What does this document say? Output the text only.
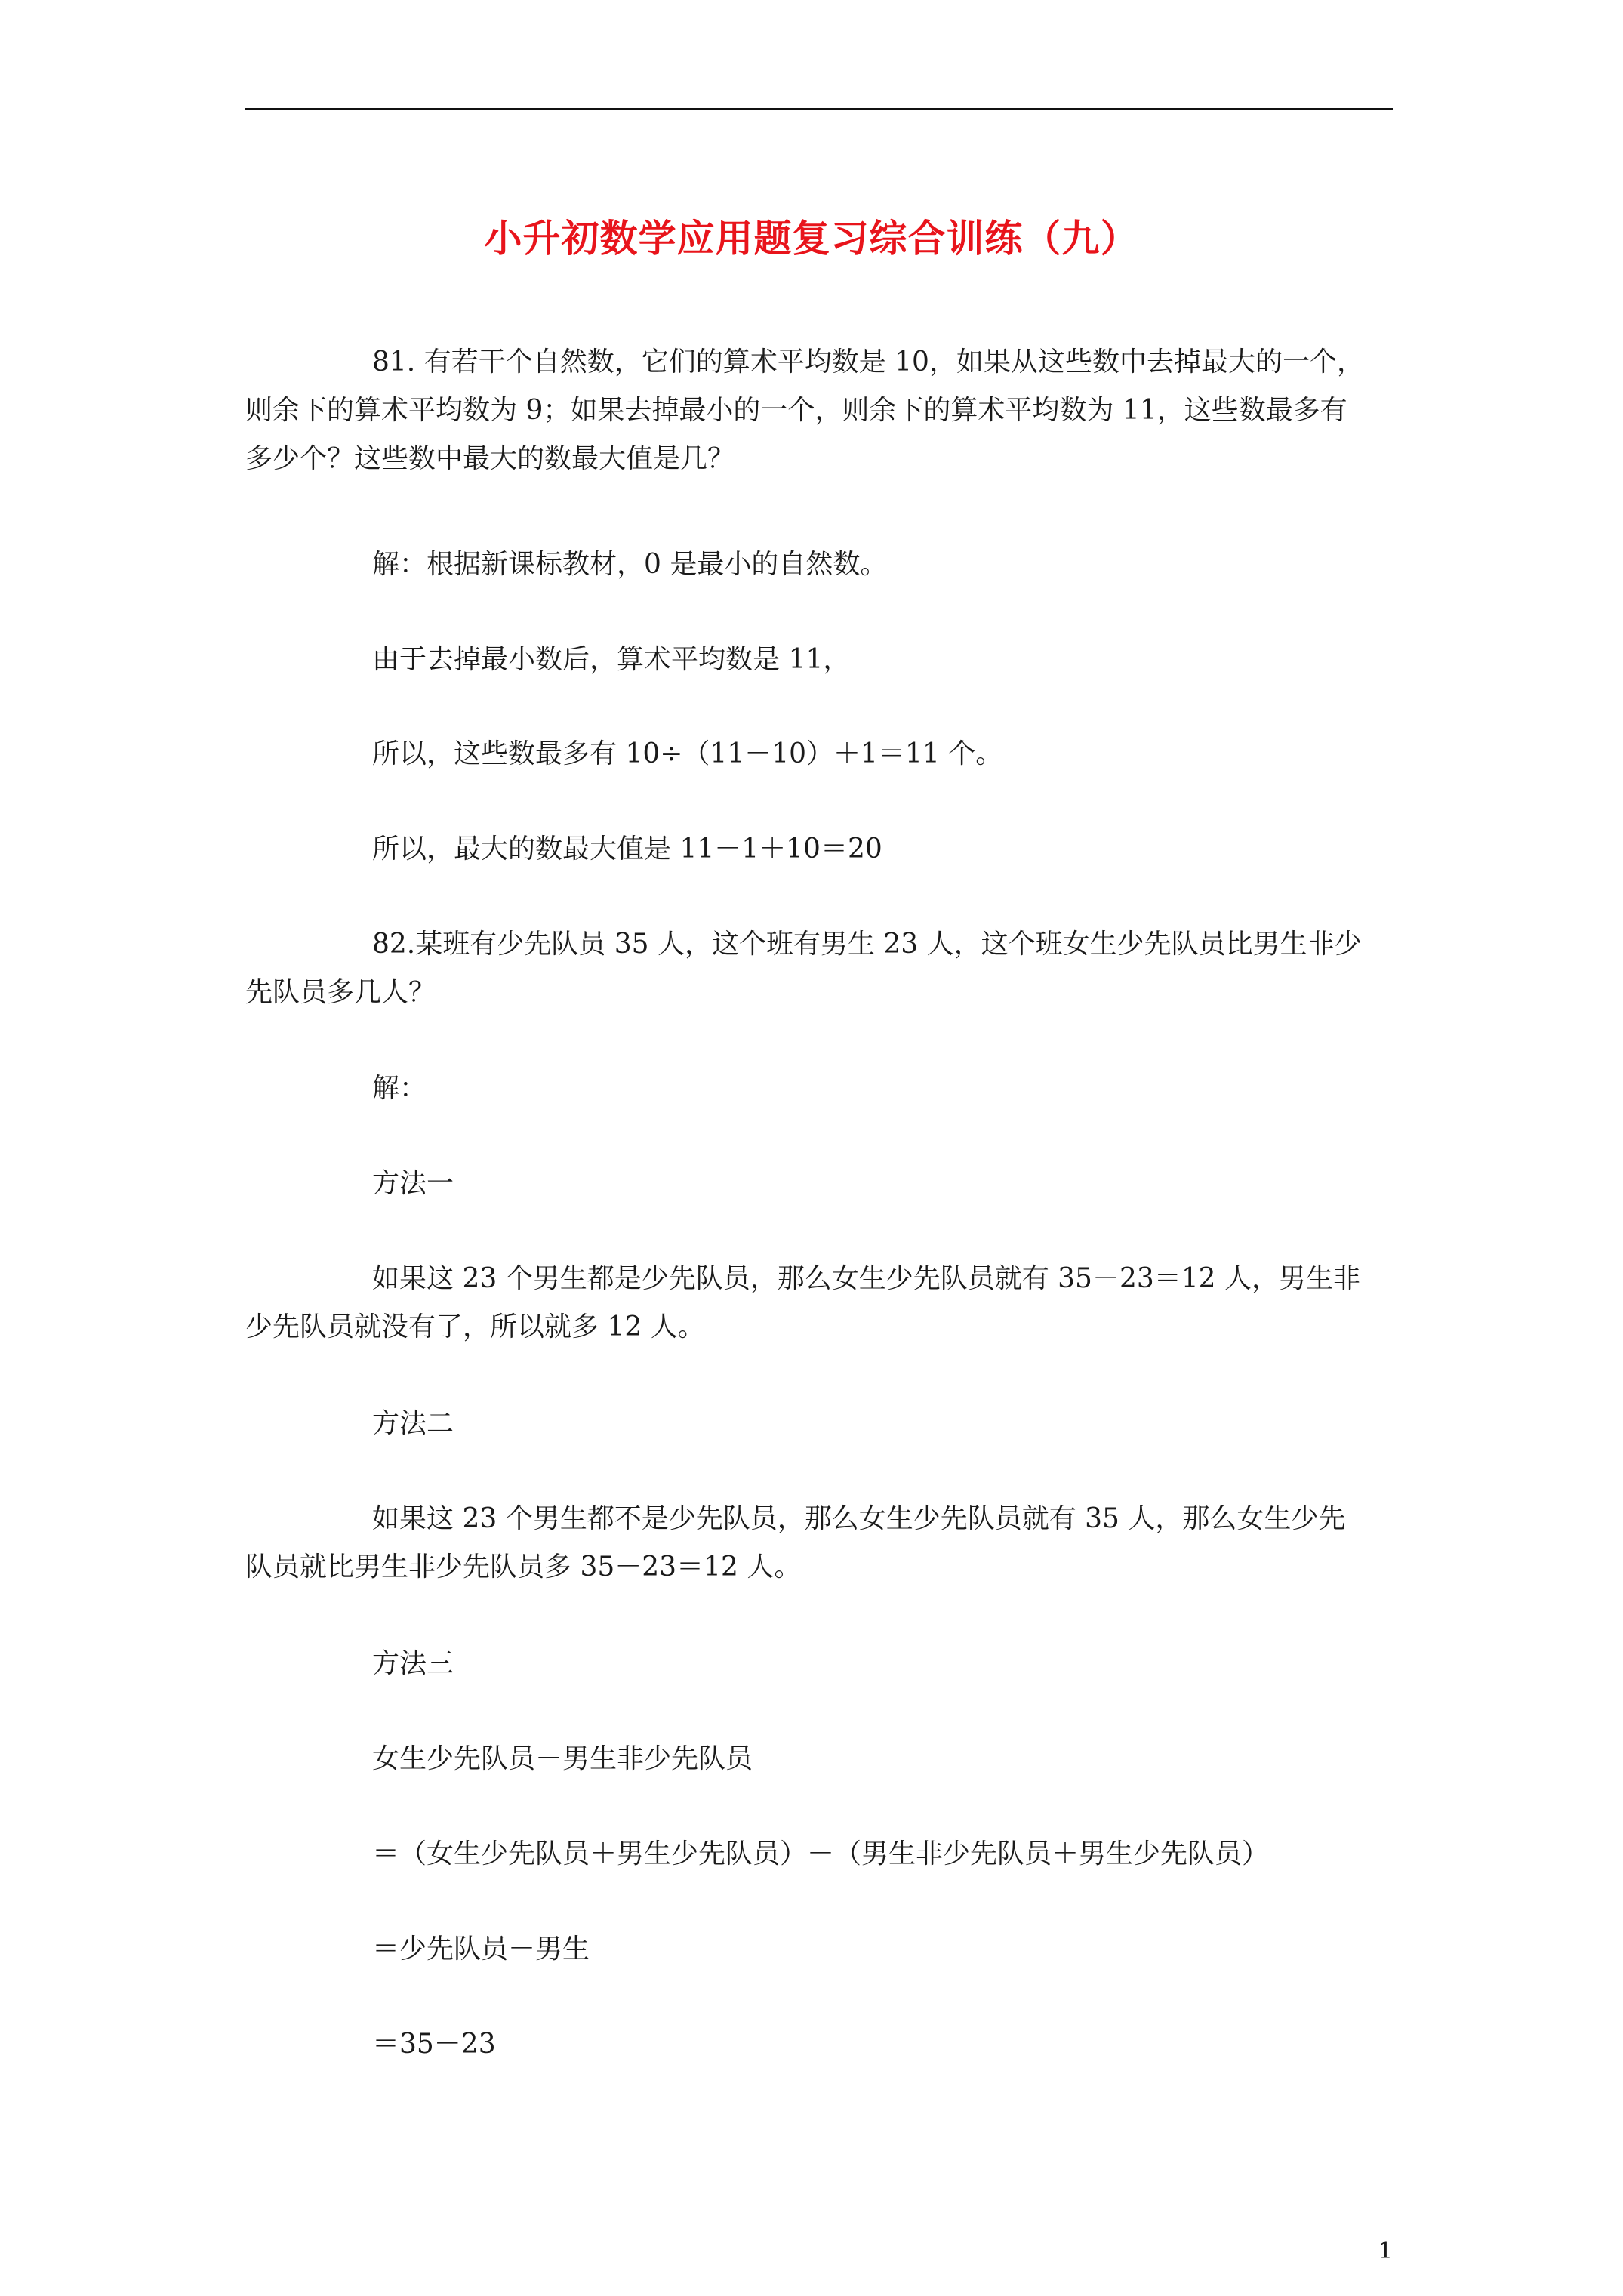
小升初数学应用题复习综合训练（九）

81. 有若干个自然数，它们的算术平均数是 10，如果从这些数中去掉最大的一个，
则余下的算术平均数为 9；如果去掉最小的一个，则余下的算术平均数为 11，这些数最多有
多少个？这些数中最大的数最大值是几？

解：根据新课标教材，0 是最小的自然数。

由于去掉最小数后，算术平均数是 11，

所以，这些数最多有 10÷（11－10）＋1＝11 个。

所以，最大的数最大值是 11－1＋10＝20

82.某班有少先队员 35 人，这个班有男生 23 人，这个班女生少先队员比男生非少
先队员多几人？

解：

方法一

如果这 23 个男生都是少先队员，那么女生少先队员就有 35－23＝12 人，男生非
少先队员就没有了，所以就多 12 人。

方法二

如果这 23 个男生都不是少先队员，那么女生少先队员就有 35 人，那么女生少先
队员就比男生非少先队员多 35－23＝12 人。

方法三

女生少先队员－男生非少先队员

＝（女生少先队员＋男生少先队员）－（男生非少先队员＋男生少先队员）

＝少先队员－男生

＝35－23

1
